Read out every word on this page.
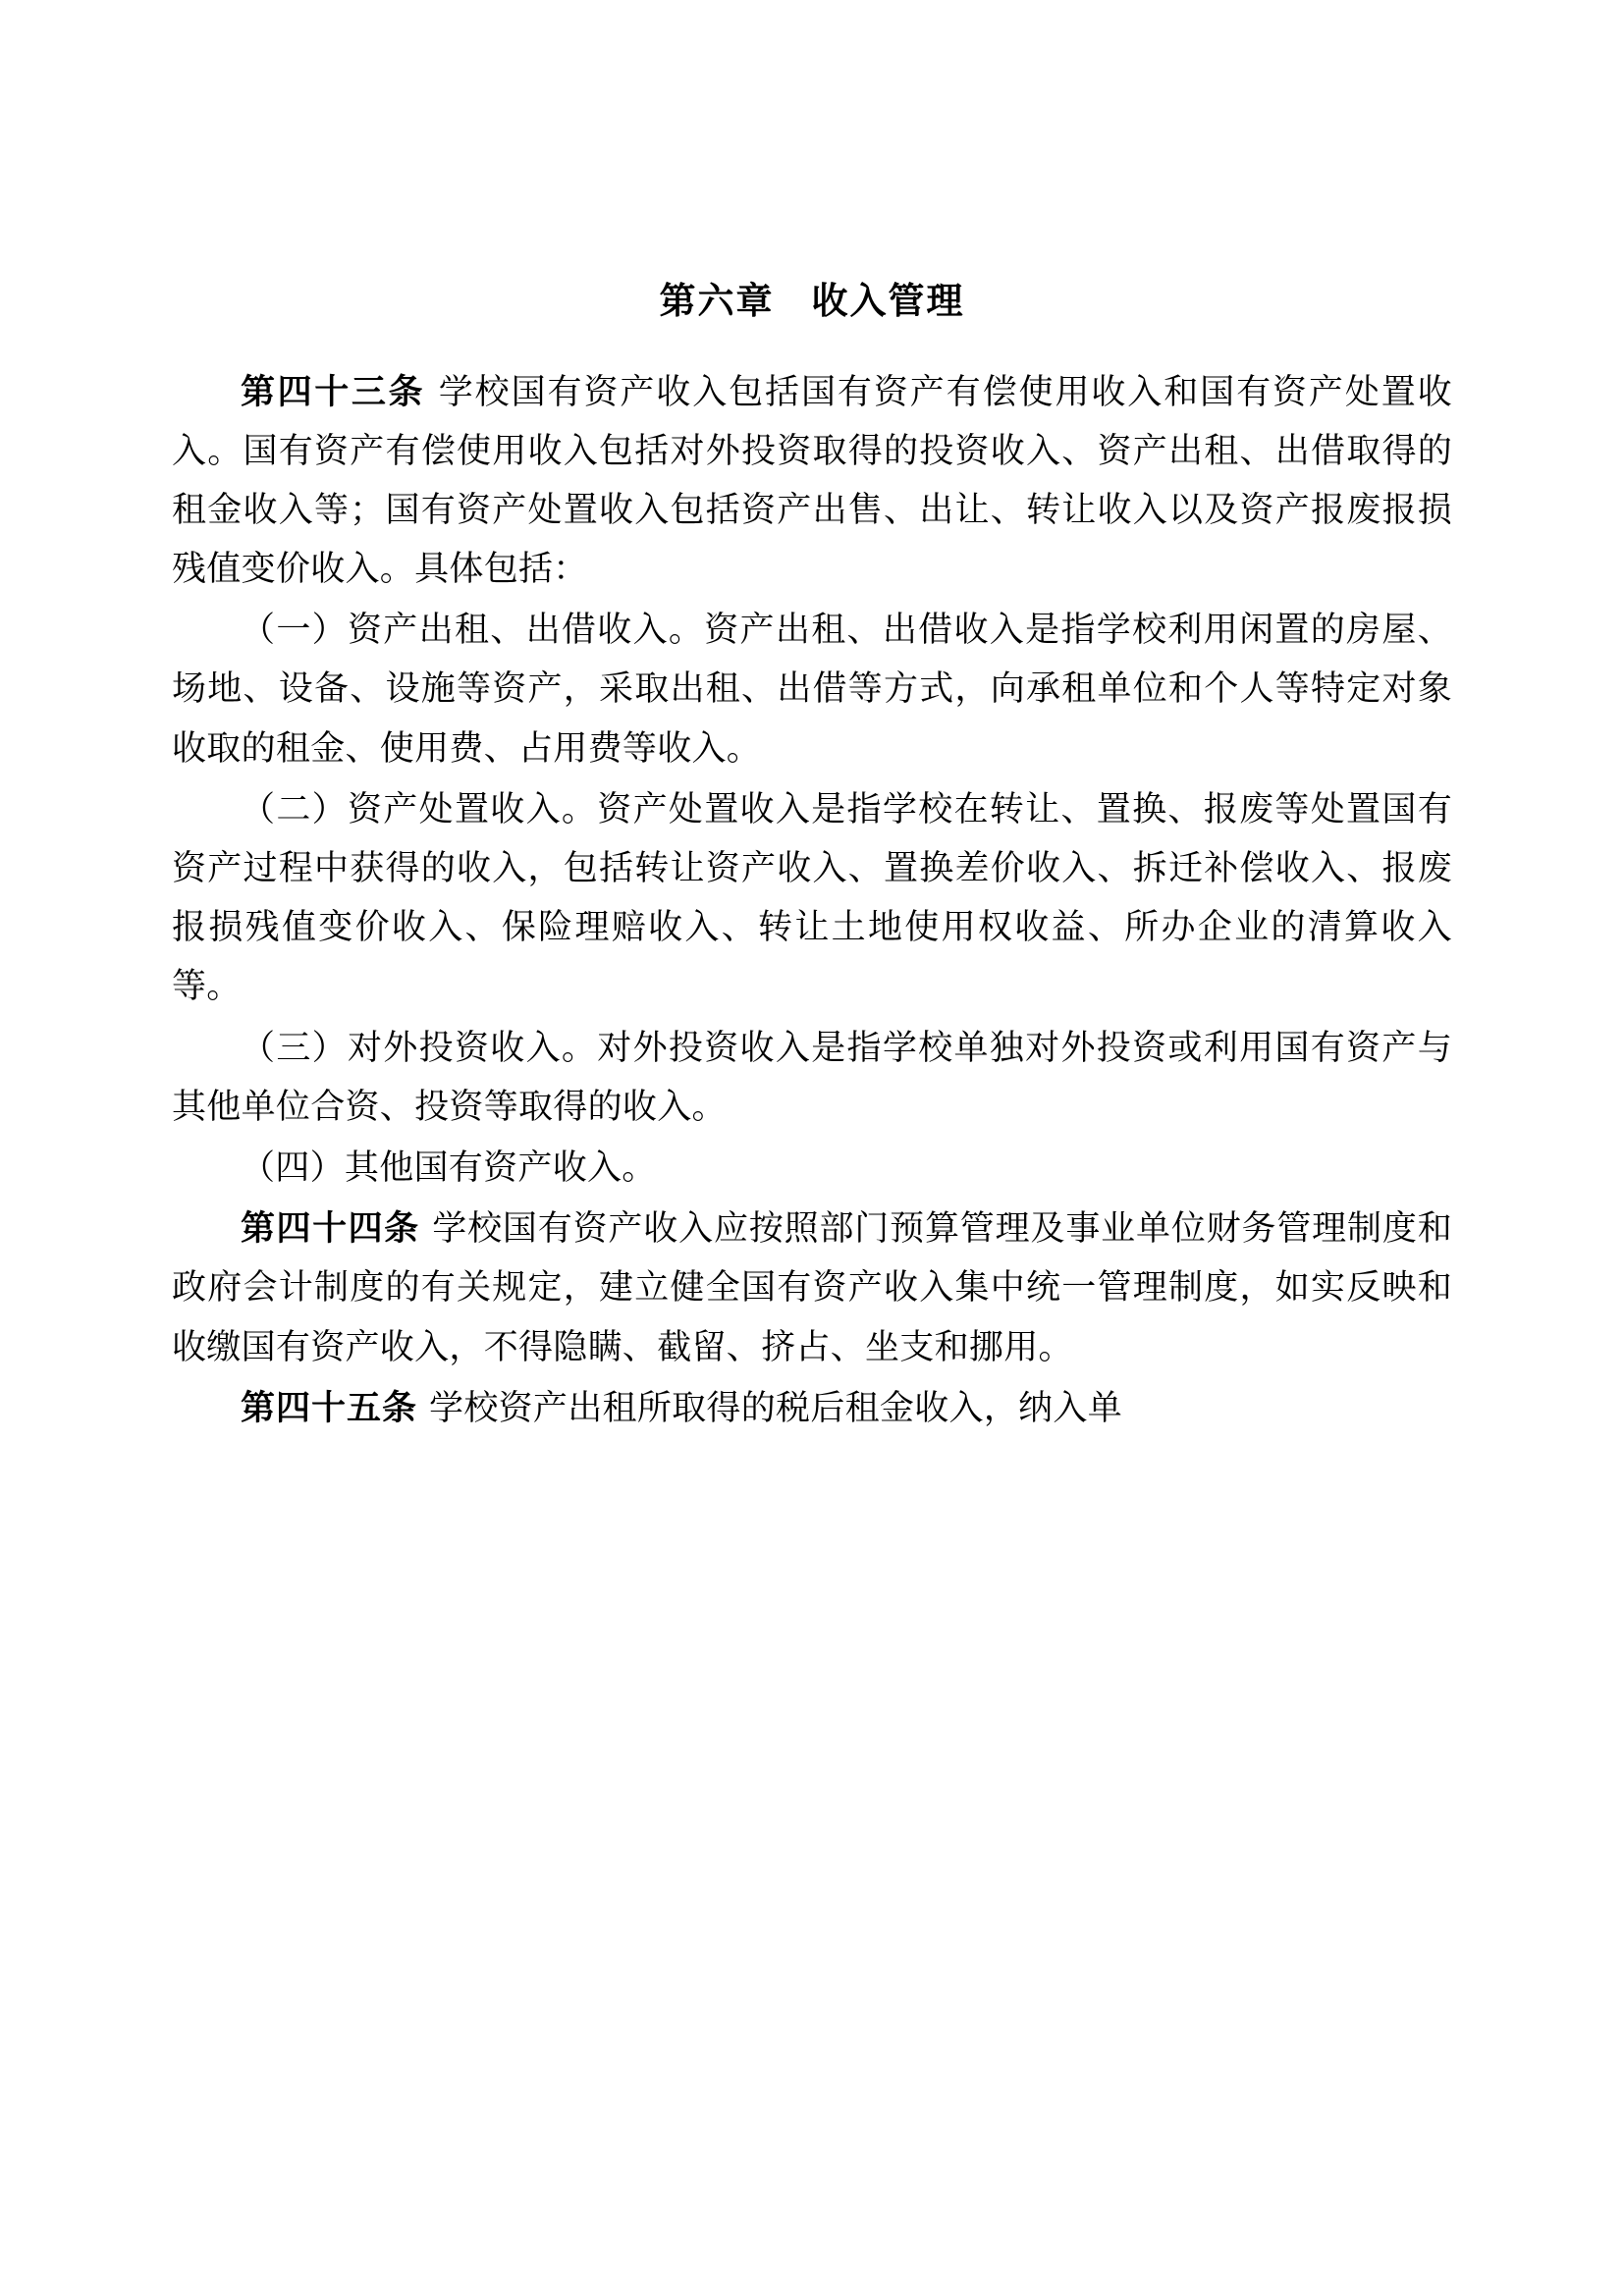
第六章 收入管理

第四十三条 学校国有资产收入包括国有资产有偿使用收入和国有资产处置收入。国有资产有偿使用收入包括对外投资取得的投资收入、资产出租、出借取得的租金收入等；国有资产处置收入包括资产出售、出让、转让收入以及资产报废报损残值变价收入。具体包括：

（一）资产出租、出借收入。资产出租、出借收入是指学校利用闲置的房屋、场地、设备、设施等资产，采取出租、出借等方式，向承租单位和个人等特定对象收取的租金、使用费、占用费等收入。

（二）资产处置收入。资产处置收入是指学校在转让、置换、报废等处置国有资产过程中获得的收入，包括转让资产收入、置换差价收入、拆迁补偿收入、报废报损残值变价收入、保险理赔收入、转让土地使用权收益、所办企业的清算收入等。

（三）对外投资收入。对外投资收入是指学校单独对外投资或利用国有资产与其他单位合资、投资等取得的收入。

（四）其他国有资产收入。

第四十四条 学校国有资产收入应按照部门预算管理及事业单位财务管理制度和政府会计制度的有关规定，建立健全国有资产收入集中统一管理制度，如实反映和收缴国有资产收入，不得隐瞒、截留、挤占、坐支和挪用。

第四十五条 学校资产出租所取得的税后租金收入，纳入单
